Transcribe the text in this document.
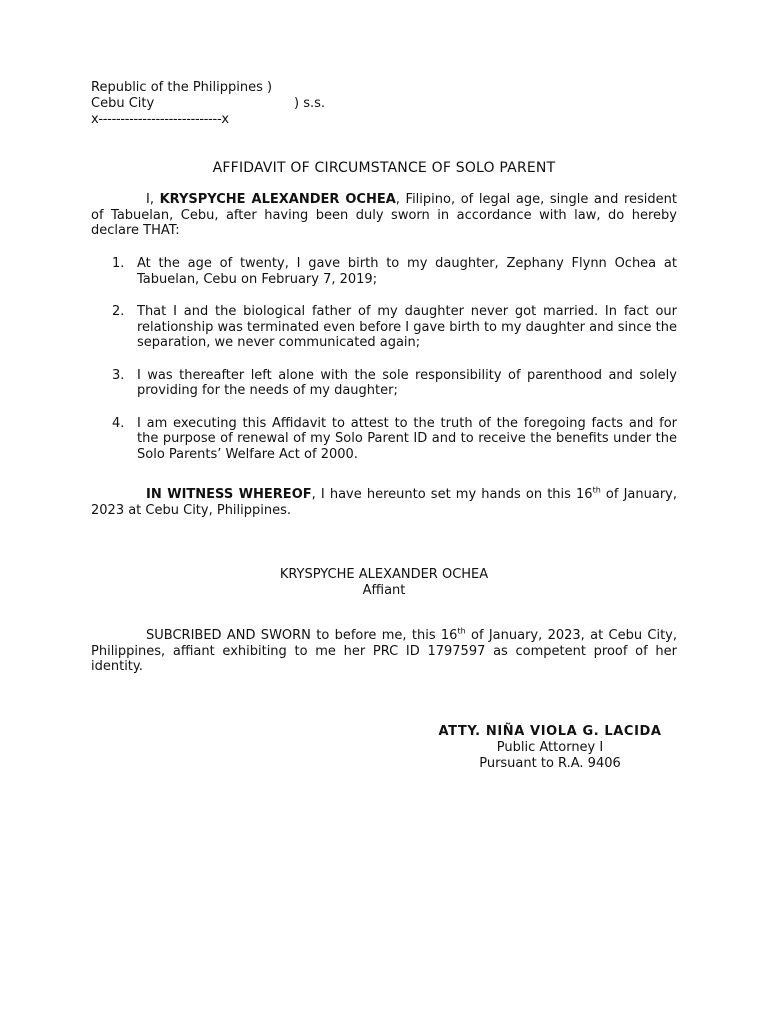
Republic of the Philippines )
Cebu City	) s.s.
x----------------------------x
AFFIDAVIT OF CIRCUMSTANCE OF SOLO PARENT
I, KRYSPYCHE ALEXANDER OCHEA, Filipino, of legal age, single and resident of Tabuelan, Cebu, after having been duly sworn in accordance with law, do hereby declare THAT:
1. At the age of twenty, I gave birth to my daughter, Zephany Flynn Ochea at Tabuelan, Cebu on February 7, 2019;
2. That I and the biological father of my daughter never got married. In fact our relationship was terminated even before I gave birth to my daughter and since the separation, we never communicated again;
3. I was thereafter left alone with the sole responsibility of parenthood and solely providing for the needs of my daughter;
4. I am executing this Affidavit to attest to the truth of the foregoing facts and for the purpose of renewal of my Solo Parent ID and to receive the benefits under the Solo Parents’ Welfare Act of 2000.
IN WITNESS WHEREOF, I have hereunto set my hands on this 16th of January, 2023 at Cebu City, Philippines.
KRYSPYCHE ALEXANDER OCHEA
Affiant
SUBCRIBED AND SWORN to before me, this 16th of January, 2023, at Cebu City, Philippines, affiant exhibiting to me her PRC ID 1797597 as competent proof of her identity.
ATTY. NIÑA VIOLA G. LACIDA
Public Attorney I
Pursuant to R.A. 9406
